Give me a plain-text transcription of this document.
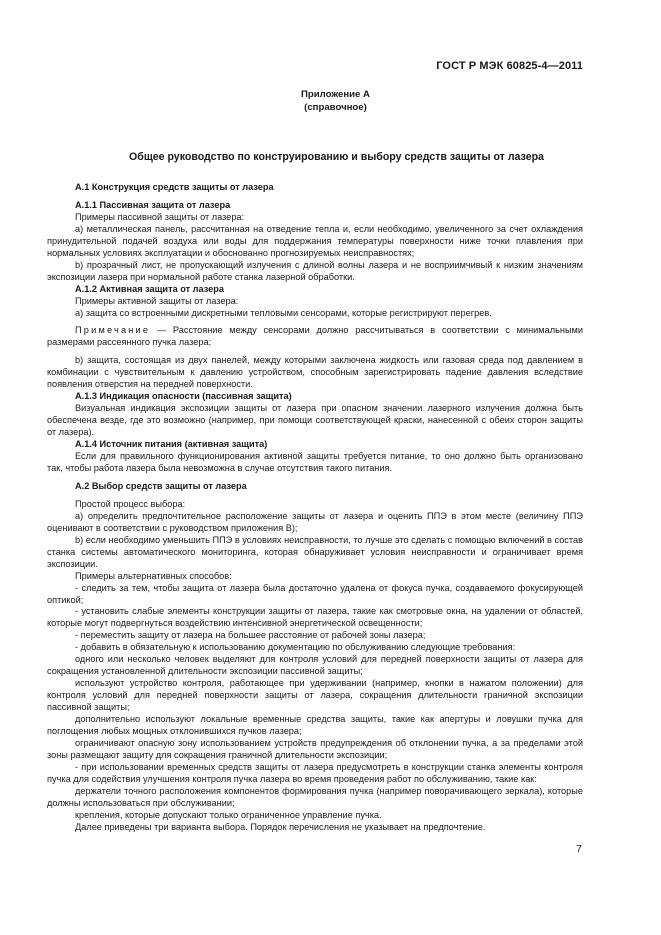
ГОСТ Р МЭК 60825-4—2011
Приложение А
(справочное)
Общее руководство по конструированию и выбору средств защиты от лазера

А.1 Конструкция средств защиты от лазера

А.1.1 Пассивная защита от лазера

Примеры пассивной защиты от лазера:

а) металлическая панель, рассчитанная на отведение тепла и, если необходимо, увеличенного за счет охлаждения принудительной подачей воздуха или воды для поддержания температуры поверхности ниже точки плавления при нормальных условиях эксплуатации и обоснованно прогнозируемых неисправностях;

b) прозрачный лист, не пропускающий излучения с длиной волны лазера и не восприимчивый к низким значениям экспозиции лазера при нормальной работе станка лазерной обработки.

А.1.2 Активная защита от лазера

Примеры активной защиты от лазера:

а) защита со встроенными дискретными тепловыми сенсорами, которые регистрируют перегрев.

Примечание — Расстояние между сенсорами должно рассчитываться в соответствии с минимальными размерами рассеянного пучка лазера;

b) защита, состоящая из двух панелей, между которыми заключена жидкость или газовая среда под давлением в комбинации с чувствительным к давлению устройством, способным зарегистрировать падение давления вследствие появления отверстия на передней поверхности.

А.1.3 Индикация опасности (пассивная защита)

Визуальная индикация экспозиции защиты от лазера при опасном значении лазерного излучения должна быть обеспечена везде, где это возможно (например, при помощи соответствующей краски, нанесенной с обеих сторон защиты от лазера).

А.1.4 Источник питания (активная защита)

Если для правильного функционирования активной защиты требуется питание, то оно должно быть организовано так, чтобы работа лазера была невозможна в случае отсутствия такого питания.

А.2 Выбор средств защиты от лазера

Простой процесс выбора:

а) определить предпочтительное расположение защиты от лазера и оценить ППЭ в этом месте (величину ППЭ оценивают в соответствии с руководством приложения В);

b) если необходимо уменьшить ППЭ в условиях неисправности, то лучше это сделать с помощью включений в состав станка системы автоматического мониторинга, которая обнаруживает условия неисправности и ограничивает время экспозиции.

Примеры альтернативных способов:

- следить за тем, чтобы защита от лазера была достаточно удалена от фокуса пучка, создаваемого фокусирующей оптикой;

- установить слабые элементы конструкции защиты от лазера, такие как смотровые окна, на удалении от областей, которые могут подвергнуться воздействию интенсивной энергетической освещенности;

- переместить защиту от лазера на большее расстояние от рабочей зоны лазера;

- добавить в обязательную к использованию документацию по обслуживанию следующие требования:

одного или несколько человек выделяют для контроля условий для передней поверхности защиты от лазера для сокращения установленной длительности экспозиции пассивной защиты;

используют устройство контроля, работающее при удерживании (например, кнопки в нажатом положении) для контроля условий для передней поверхности защиты от лазера, сокращения длительности граничной экспозиции пассивной защиты;

дополнительно используют локальные временные средства защиты, такие как апертуры и ловушки пучка для поглощения любых мощных отклонившихся пучков лазера;

ограничивают опасную зону использованием устройств предупреждения об отклонении пучка, а за пределами этой зоны размещают защиту для сокращения граничной длительности экспозиции;

- при использовании временных средств защиты от лазера предусмотреть в конструкции станка элементы контроля пучка для содействия улучшения контроля пучка лазера во время проведения работ по обслуживанию, такие как:

держатели точного расположения компонентов формирования пучка (например поворачивающего зеркала), которые должны использоваться при обслуживании;

крепления, которые допускают только ограниченное управление пучка.

Далее приведены три варианта выбора. Порядок перечисления не указывает на предпочтение.

7
